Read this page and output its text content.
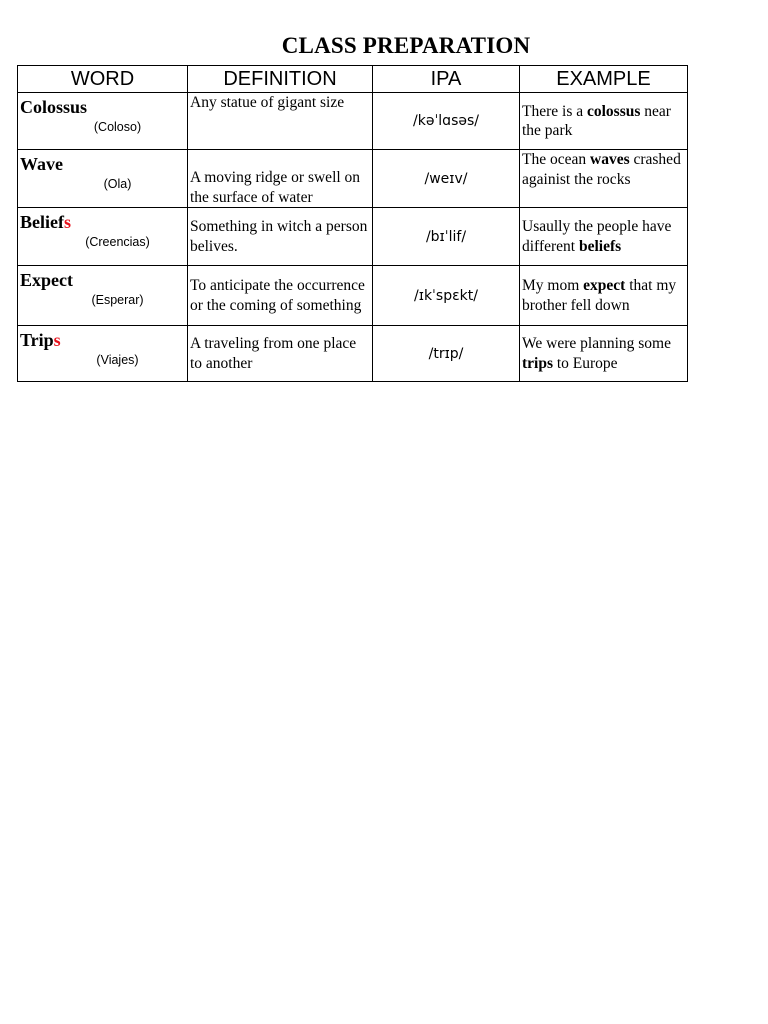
CLASS PREPARATION
WORD	DEFINITION	IPA	EXAMPLE

Colossus
(Coloso)	Any statue of gigant size	/kəˈlɑsəs/	There is a colossus near the park

Wave
(Ola)	A moving ridge or swell on the surface of water	/weɪv/	The ocean waves crashed againist the rocks

Beliefs
(Creencias)	Something in witch a person belives.	/bɪˈlif/	Usaully the people have different beliefs

Expect
(Esperar)	To anticipate the occurrence or the coming of something	/ɪkˈspɛkt/	My mom expect that my brother fell down

Trips
(Viajes)	A traveling from one place to another	/trɪp/	We were planning some trips to Europe
